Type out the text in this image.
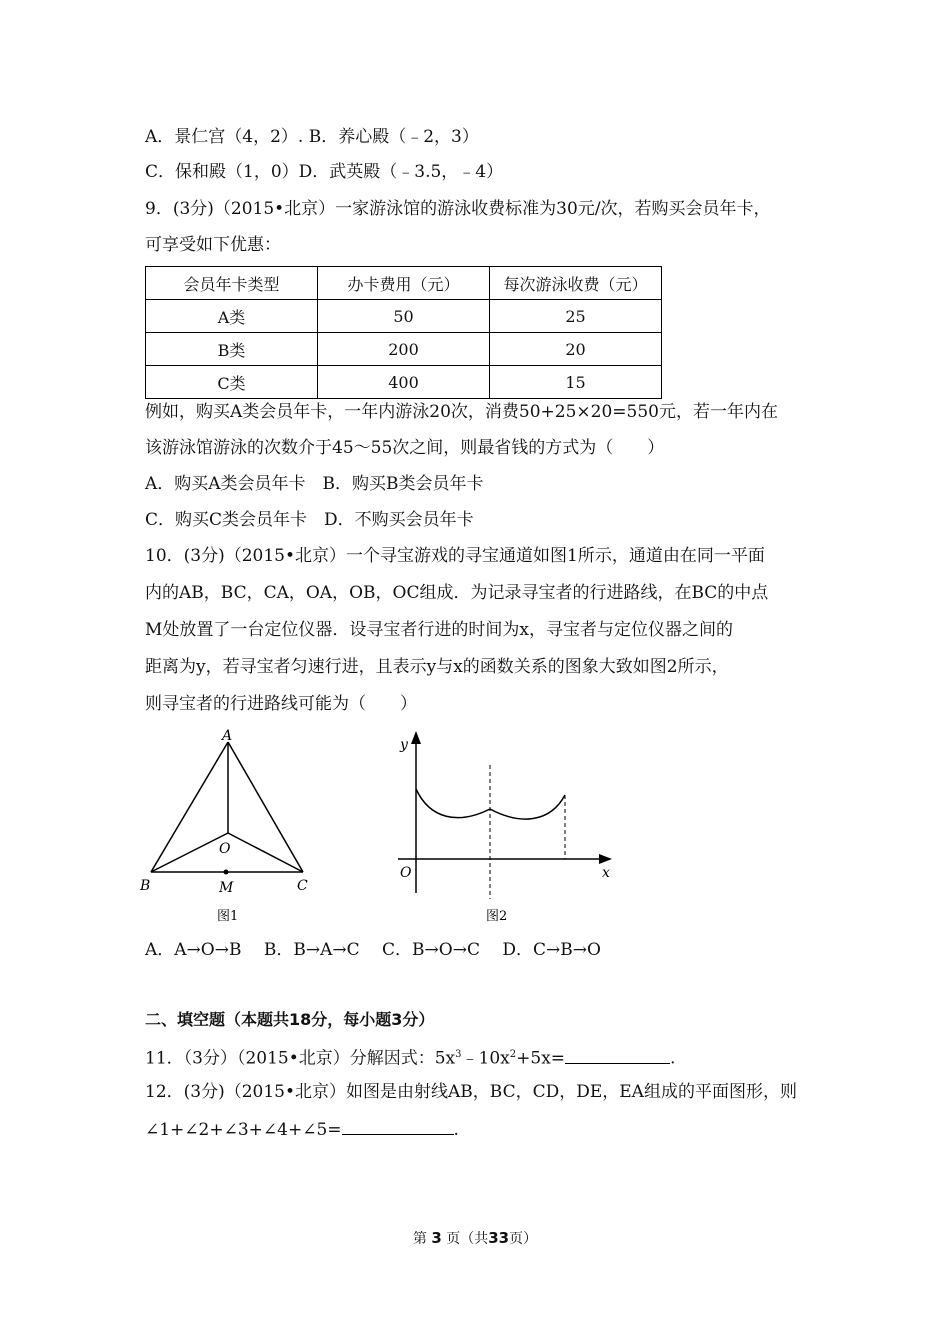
A．景仁宫（4，2）. B．养心殿（﹣2，3）
C．保和殿（1，0）D．武英殿（﹣3.5，﹣4）
9．(3分)（2015•北京）一家游泳馆的游泳收费标准为30元/次，若购买会员年卡，
可享受如下优惠：
会员年卡类型	办卡费用（元）	每次游泳收费（元）
A类	50	25
B类	200	20
C类	400	15
例如，购买A类会员年卡，一年内游泳20次，消费50+25×20=550元，若一年内在
该游泳馆游泳的次数介于45～55次之间，则最省钱的方式为（　　）
A．购买A类会员年卡　B．购买B类会员年卡
C．购买C类会员年卡　D．不购买会员年卡
10．(3分)（2015•北京）一个寻宝游戏的寻宝通道如图1所示，通道由在同一平面
内的AB，BC，CA，OA，OB，OC组成．为记录寻宝者的行进路线，在BC的中点
M处放置了一台定位仪器．设寻宝者行进的时间为x，寻宝者与定位仪器之间的
距离为y，若寻宝者匀速行进，且表示y与x的函数关系的图象大致如图2所示，
则寻宝者的行进路线可能为（　　）
A
O
B	C
M
图1
y
x
O
图2
A．A→O→B　 B．B→A→C　 C．B→O→C　 D．C→B→O
二、填空题（本题共18分，每小题3分）
11．（3分）（2015•北京）分解因式：$5x^3﹣10x^2+5x=$	.
12．(3分)（2015•北京）如图是由射线AB，BC，CD，DE，EA组成的平面图形，则
∠1+∠2+∠3+∠4+∠5=	.
第 3 页（共33页）
